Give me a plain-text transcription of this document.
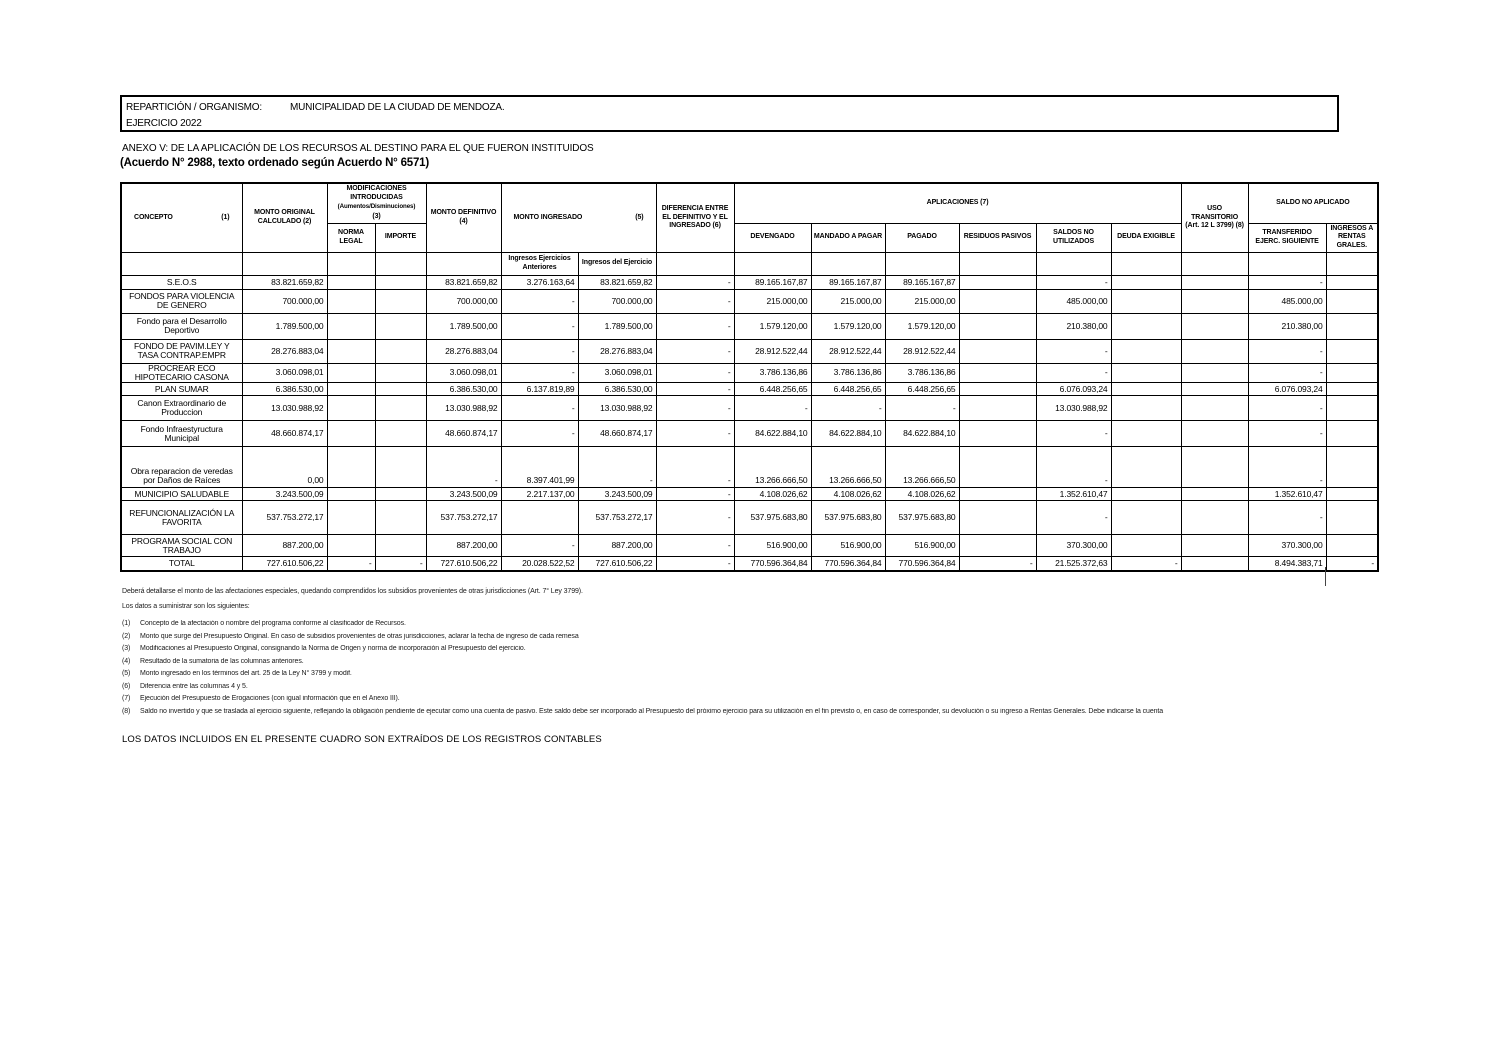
REPARTICIÓN / ORGANISMO:	MUNICIPALIDAD DE LA CIUDAD DE MENDOZA.
EJERCICIO 2022
ANEXO V: DE LA APLICACIÓN DE LOS RECURSOS AL DESTINO PARA EL QUE FUERON INSTITUIDOS
(Acuerdo N° 2988, texto ordenado según Acuerdo N° 6571)
CONCEPTO (1)	MONTO ORIGINAL CALCULADO (2)	MODIFICACIONES INTRODUCIDAS
(Aumentos/Disminuciones)
(3)		MONTO DEFINITIVO (4)	MONTO INGRESADO (5)		DIFERENCIA ENTRE EL DEFINITIVO Y EL INGRESADO (6)	APLICACIONES (7)						USO TRANSITORIO (Art. 12 L 3799) (8)	SALDO NO APLICADO	
		NORMA LEGAL	IMPORTE					DEVENGADO	MANDADO A PAGAR	PAGADO	RESIDUOS PASIVOS	SALDOS NO UTILIZADOS	DEUDA EXIGIBLE		TRANSFERIDO EJERC. SIGUIENTE	INGRESOS A RENTAS GRALES.
					Ingresos Ejercicios Anteriores	Ingresos del Ejercicio										
S.E.O.S	83.821.659,82			83.821.659,82	3.276.163,64	83.821.659,82	-	89.165.167,87	89.165.167,87	89.165.167,87		-			-	
FONDOS PARA VIOLENCIA DE GENERO	700.000,00			700.000,00	-	700.000,00	-	215.000,00	215.000,00	215.000,00		485.000,00			485.000,00	
Fondo para el Desarrollo Deportivo	1.789.500,00			1.789.500,00	-	1.789.500,00	-	1.579.120,00	1.579.120,00	1.579.120,00		210.380,00			210.380,00	
FONDO DE PAVIM.LEY Y TASA CONTRAP.EMPR	28.276.883,04			28.276.883,04	-	28.276.883,04	-	28.912.522,44	28.912.522,44	28.912.522,44		-			-	
PROCREAR ECO HIPOTECARIO CASONA	3.060.098,01			3.060.098,01	-	3.060.098,01	-	3.786.136,86	3.786.136,86	3.786.136,86		-			-	
PLAN SUMAR	6.386.530,00			6.386.530,00	6.137.819,89	6.386.530,00	-	6.448.256,65	6.448.256,65	6.448.256,65		6.076.093,24			6.076.093,24	
Canon Extraordinario de Produccion	13.030.988,92			13.030.988,92	-	13.030.988,92	-	-	-	-		13.030.988,92			-	
Fondo Infraestyructura Municipal	48.660.874,17			48.660.874,17	-	48.660.874,17	-	84.622.884,10	84.622.884,10	84.622.884,10		-			-	
Obra reparacion de veredas por Daños de Raíces	0,00			-	8.397.401,99	-	-	13.266.666,50	13.266.666,50	13.266.666,50		-			-	
MUNICIPIO SALUDABLE	3.243.500,09			3.243.500,09	2.217.137,00	3.243.500,09	-	4.108.026,62	4.108.026,62	4.108.026,62		1.352.610,47			1.352.610,47	
REFUNCIONALIZACIÓN LA FAVORITA	537.753.272,17			537.753.272,17		537.753.272,17	-	537.975.683,80	537.975.683,80	537.975.683,80		-			-	
PROGRAMA SOCIAL CON TRABAJO	887.200,00			887.200,00	-	887.200,00	-	516.900,00	516.900,00	516.900,00		370.300,00			370.300,00	
TOTAL	727.610.506,22	-	-	727.610.506,22	20.028.522,52	727.610.506,22	-	770.596.364,84	770.596.364,84	770.596.364,84	-	21.525.372,63	-		8.494.383,71	-
Deberá detallarse el monto de las afectaciones especiales, quedando comprendidos los subsidios provenientes de otras jurisdicciones (Art. 7° Ley 3799).
Los datos a suministrar son los siguientes:
(1)	Concepto de la afectación o nombre del programa conforme al clasificador de Recursos.
(2)	Monto que surge del Presupuesto Original. En caso de subsidios provenientes de otras jurisdicciones, aclarar la fecha de ingreso de cada remesa
(3)	Modificaciones al Presupuesto Original, consignando la Norma de Origen y norma de incorporación al Presupuesto del ejercicio.
(4)	Resultado de la sumatoria de las columnas anteriores.
(5)	Monto ingresado en los términos del art. 25 de la Ley N° 3799 y modif.
(6)	Diferencia entre las columnas 4 y 5.
(7)	Ejecución del Presupuesto de Erogaciones (con igual información que en el Anexo III).
(8)	Saldo no invertido y que se traslada al ejercicio siguiente, reflejando la obligación pendiente de ejecutar como una cuenta de pasivo. Este saldo debe ser incorporado al Presupuesto del próximo ejercicio para su utilización en el fin previsto o, en caso de corresponder, su devolución o su ingreso a Rentas Generales. Debe indicarse la cuenta
LOS DATOS INCLUIDOS EN EL PRESENTE CUADRO SON EXTRAÍDOS DE LOS REGISTROS CONTABLES
